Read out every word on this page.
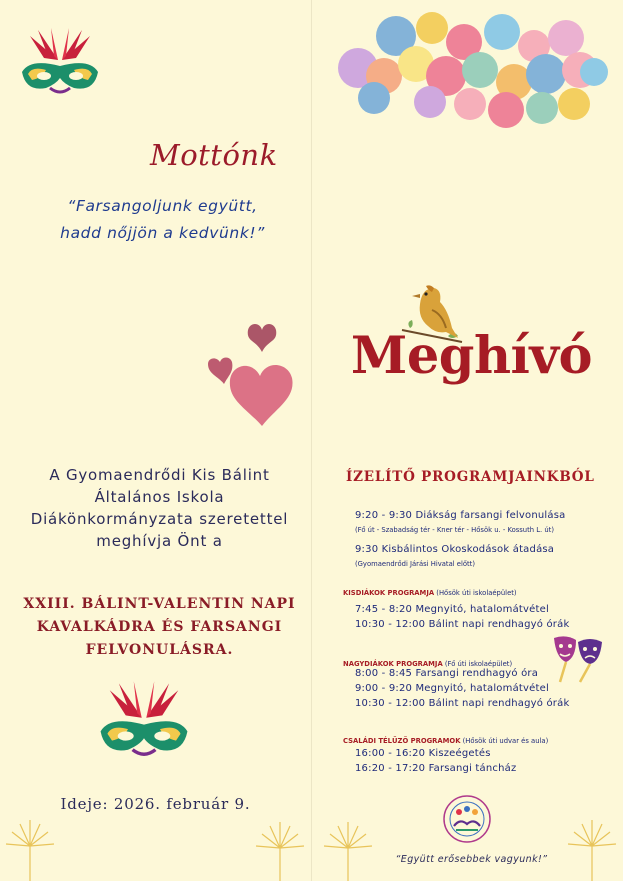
Mottónk
“Farsangoljunk együtt,
hadd nőjjön a kedvünk!”
A Gyomaendrődi Kis Bálint
Általános Iskola
Diákönkormányzata szeretettel
meghívja Önt a
XXIII. BÁLINT-VALENTIN NAPI
KAVALKÁDRA ÉS FARSANGI
FELVONULÁSRA.
Ideje: 2026. február 9.
Meghívó
ÍZELÍTŐ PROGRAMJAINKBÓL
9:20 - 9:30 Diákság farsangi felvonulása
(Fő út - Szabadság tér - Kner tér - Hősök u. - Kossuth L. út)
9:30 Kisbálintos Okoskodások átadása
(Gyomaendrődi Járási Hivatal előtt)
KISDIÁKOK PROGRAMJA (Hősök úti iskolaépület)
7:45 - 8:20 Megnyitó, hatalomátvétel
10:30 - 12:00 Bálint napi rendhagyó órák
NAGYDIÁKOK PROGRAMJA (Fő úti iskolaépület)
8:00 - 8:45 Farsangi rendhagyó óra
9:00 - 9:20 Megnyitó, hatalomátvétel
10:30 - 12:00 Bálint napi rendhagyó órák
CSALÁDI TÉLŰZŐ PROGRAMOK (Hősök úti udvar és aula)
16:00 - 16:20 Kiszeégetés
16:20 - 17:20 Farsangi táncház
“Együtt erősebbek vagyunk!”
